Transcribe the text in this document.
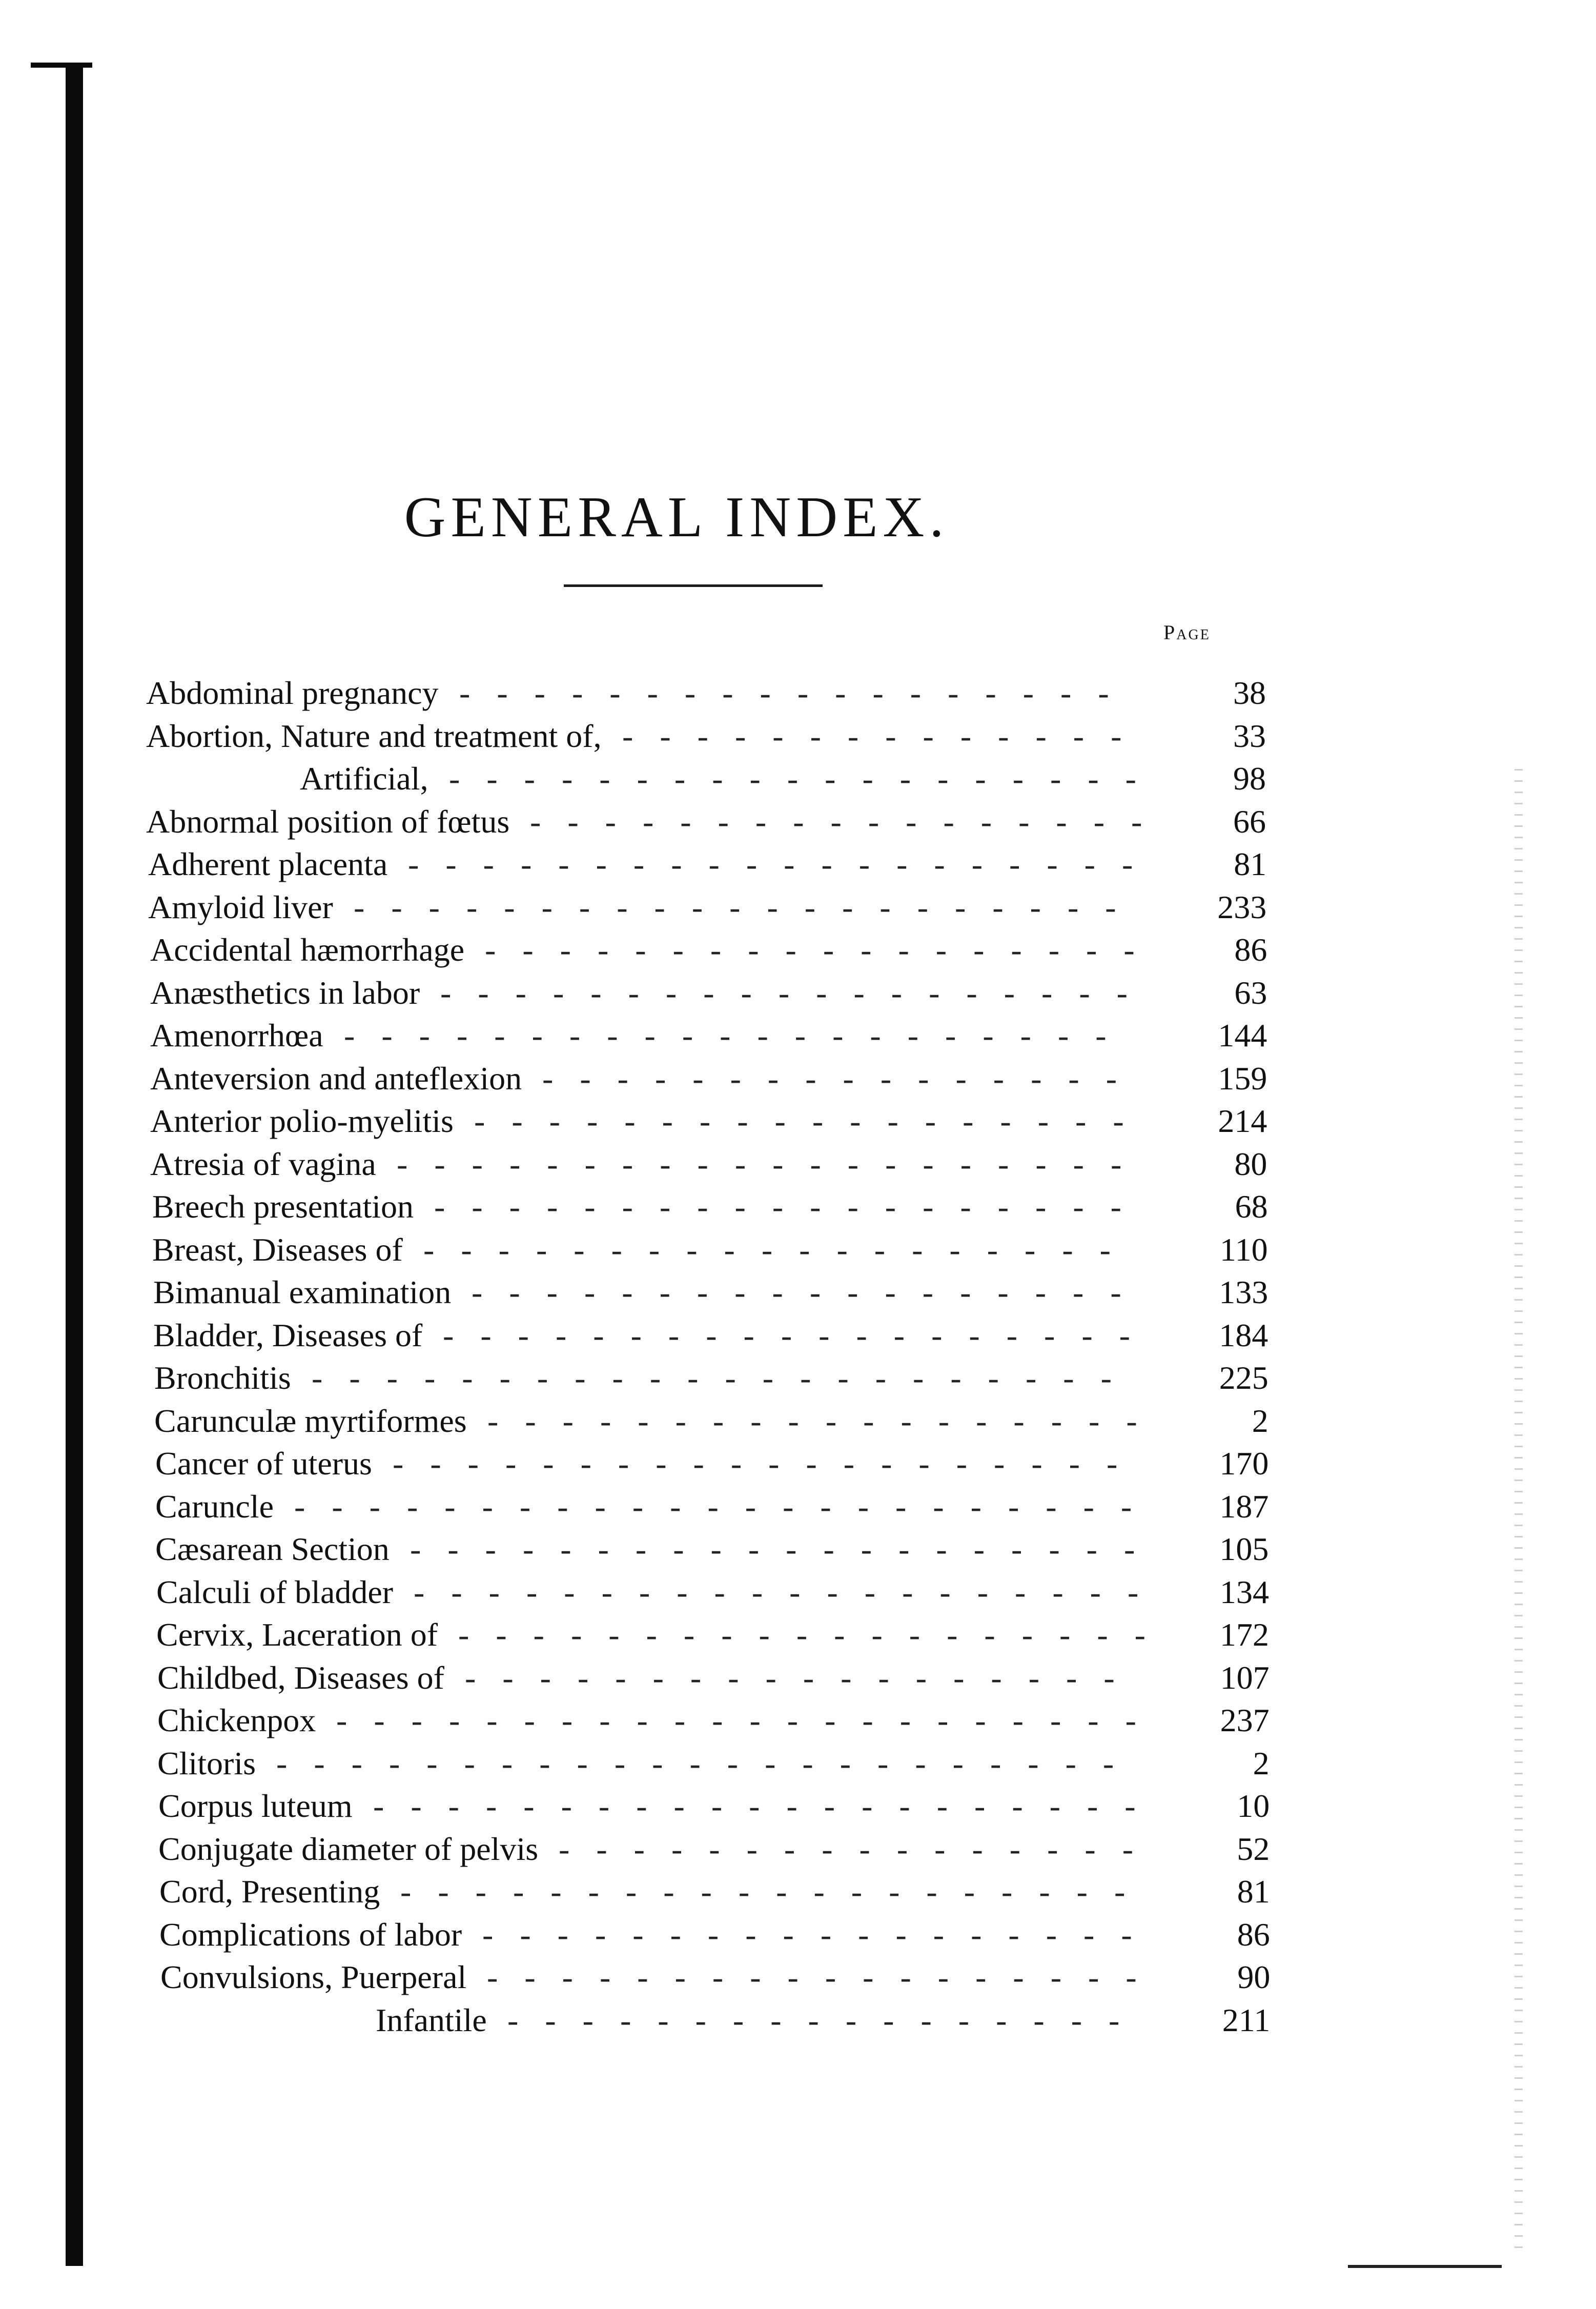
GENERAL INDEX.
Page
Abdominal pregnancy	38
------------------
Abortion, Nature and treatment of,	33
--------------
Artificial,	98
-------------------
Abnormal position of fœtus	66
-----------------
Adherent placenta	81
--------------------
Amyloid liver	233
---------------------
Accidental hæmorrhage	86
------------------
Anæsthetics in labor	63
-------------------
Amenorrhœa	144
---------------------
Anteversion and anteflexion	159
----------------
Anterior polio-myelitis	214
------------------
Atresia of vagina	80
--------------------
Breech presentation	68
-------------------
Breast, Diseases of	110
-------------------
Bimanual examination	133
------------------
Bladder, Diseases of	184
-------------------
Bronchitis	225
----------------------
Carunculæ myrtiformes	2
------------------
Cancer of uterus	170
--------------------
Caruncle	187
-----------------------
Cæsarean Section	105
--------------------
Calculi of bladder	134
--------------------
Cervix, Laceration of	172
-------------------
Childbed, Diseases of	107
------------------
Chickenpox	237
----------------------
Clitoris	2
-----------------------
Corpus luteum	10
---------------------
Conjugate diameter of pelvis	52
----------------
Cord, Presenting	81
--------------------
Complications of labor	86
------------------
Convulsions, Puerperal	90
------------------
Infantile	211
-----------------
